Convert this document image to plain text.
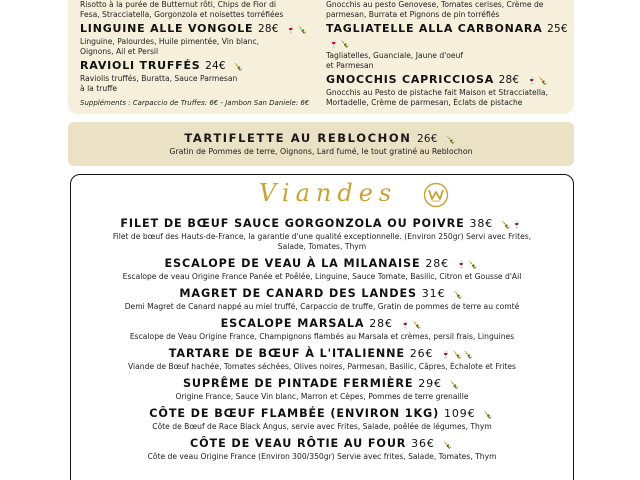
Risotto à la purée de Butternut rôti, Chips de Fior di
Fesa, Stracciatella, Gorgonzola et noisettes torréfiées
LINGUINE ALLE VONGOLE 28€ 🍷🍾
Linguine, Palourdes, Huile pimentée, Vin blanc,
Oignons, Ail et Persil
RAVIOLI TRUFFÉS 24€ 🍾
Raviolis truffés, Buratta, Sauce Parmesan
à la truffe
Gnocchis au pesto Genovese, Tomates cerises, Crème de
parmesan, Burrata et Pignons de pin torréfiés
TAGLIATELLE ALLA CARBONARA 25€ 🍷🍾
Tagliatelles, Guanciale, Jaune d'oeuf
et Parmesan
GNOCCHIS CAPRICCIOSA 28€ 🍷🍾
Gnocchis au Pesto de pistache fait Maison et Stracciatella,
Mortadelle, Crème de parmesan, Éclats de pistache
Suppléments : Carpaccio de Truffes: 6€ - Jambon San Daniele: 6€
TARTIFLETTE AU REBLOCHON 26€ 🍾
Gratin de Pommes de terre, Oignons, Lard fumé, le tout gratiné au Reblochon
Viandes
FILET DE BŒUF SAUCE GORGONZOLA OU POIVRE 38€ 🍾🍷
Filet de bœuf des Hauts-de-France, la garantie d'une qualité exceptionnelle. (Environ 250gr) Servi avec Frites, Salade, Tomates, Thym
ESCALOPE DE VEAU À LA MILANAISE 28€ 🍷🍾
Escalope de veau Origine France Panée et Poêlée, Linguine, Sauce Tomate, Basilic, Citron et Gousse d'Ail
MAGRET DE CANARD DES LANDES 31€ 🍾
Demi Magret de Canard nappé au miel truffé, Carpaccio de truffe, Gratin de pommes de terre au comté
ESCALOPE MARSALA 28€ 🍷🍾
Escalope de Veau Origine France, Champignons flambés au Marsala et crèmes, persil frais, Linguines
TARTARE DE BŒUF À L'ITALIENNE 26€ 🍷🍾🍾
Viande de Bœuf hachée, Tomates séchées, Olives noires, Parmesan, Basilic, Câpres, Échalote et Frites
SUPRÊME DE PINTADE FERMIÈRE 29€ 🍾
Origine France, Sauce Vin blanc, Marron et Cèpes, Pommes de terre grenaille
CÔTE DE BŒUF FLAMBÉE (ENVIRON 1KG) 109€ 🍾
Côte de Bœuf de Race Black Angus, servie avec Frites, Salade, poêlée de légumes, Thym
CÔTE DE VEAU RÔTIE AU FOUR 36€ 🍾
Côte de veau Origine France (Environ 300/350gr) Servie avec frites, Salade, Tomates, Thym
